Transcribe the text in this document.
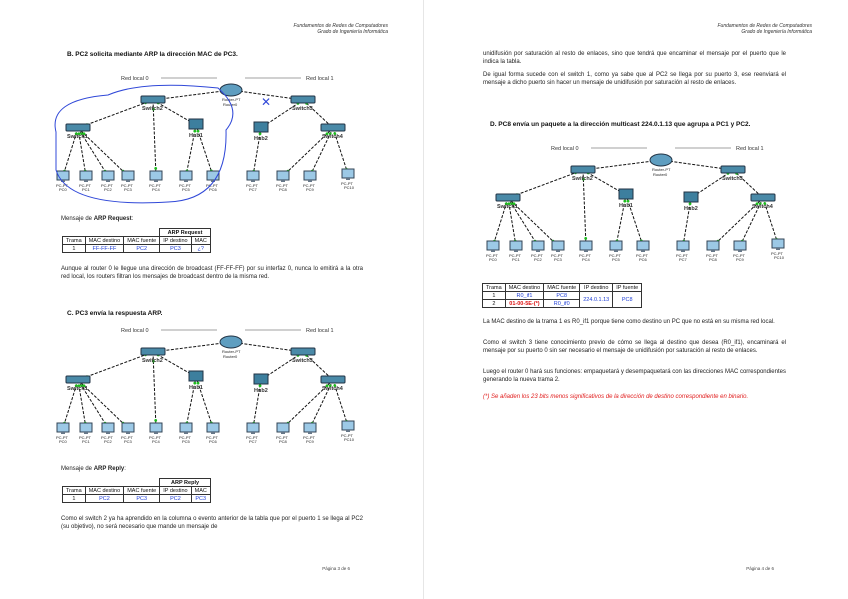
Fundamentos de Redes de Computadores
Grado de Ingeniería Informática
B. PC2 solicita mediante ARP la dirección MAC de PC3.
Switch1
Switch2	Switch3
Switch4
Hub1	Hub2
Router-PT
Router0
Red local 0	Red local 1
PC-PT
PC0
PC-PT
PC1
PC-PT
PC2
PC-PT
PC3
PC-PT
PC4
PC-PT
PC5
PC-PT
PC6
PC-PT
PC7
PC-PT
PC8
PC-PT
PC9
PC-PT
PC10
✕
Mensaje de ARP Request:
			ARP Request	
Trama	MAC destino	MAC fuente	IP destino	MAC
1	FF-FF-FF	PC2	PC3	¿?
Aunque al router 0 le llegue una dirección de broadcast (FF-FF-FF) por su interfaz 0, nunca lo emitirá a la otra red local, los routers filtran los mensajes de broadcast dentro de la misma red.
C. PC3 envía la respuesta ARP.
Switch1
Switch2	Switch3
Switch4
Hub1	Hub2
Router-PT
Router0
Red local 0	Red local 1
PC-PT
PC0
PC-PT
PC1
PC-PT
PC2
PC-PT
PC3
PC-PT
PC4
PC-PT
PC5
PC-PT
PC6
PC-PT
PC7
PC-PT
PC8
PC-PT
PC9
PC-PT
PC10
Mensaje de ARP Reply:
			ARP Reply	
Trama	MAC destino	MAC fuente	IP destino	MAC
1	PC2	PC3	PC2	PC3
Como el switch 2 ya ha aprendido en la columna o evento anterior de la tabla que por el puerto 1 se llega al PC2 (su objetivo), no será necesario que mande un mensaje de
Página 3 de 6
Fundamentos de Redes de Computadores
Grado de Ingeniería Informática
unidifusión por saturación al resto de enlaces, sino que tendrá que encaminar el mensaje por el puerto que le indica la tabla.
De igual forma sucede con el switch 1, como ya sabe que al PC2 se llega por su puerto 3, ese reenviará el mensaje a dicho puerto sin hacer un mensaje de unidifusión por saturación al resto de enlaces.
D. PC8 envía un paquete a la dirección multicast 224.0.1.13 que agrupa a PC1 y PC2.
Switch1
Switch2	Switch3
Switch4
Hub1	Hub2
Router-PT
Router0
Red local 0	Red local 1
PC-PT
PC0
PC-PT
PC1
PC-PT
PC2
PC-PT
PC3
PC-PT
PC4
PC-PT
PC5
PC-PT
PC6
PC-PT
PC7
PC-PT
PC8
PC-PT
PC9
PC-PT
PC10
Trama	MAC destino	MAC fuente	IP destino	IP fuente
1	R0_if1	PC8	224.0.1.13	PC8
2	01-00-5E-(*)	R0_if0		
La MAC destino de la trama 1 es R0_if1 porque tiene como destino un PC que no está en su misma red local.
Como el switch 3 tiene conocimiento previo de cómo se llega al destino que desea (R0_if1), encaminará el mensaje por su puerto 0 sin ser necesario el mensaje de unidifusión por saturación al resto de enlaces.
Luego el router 0 hará sus funciones: empaquetará y desempaquetará con las direcciones MAC correspondientes generando la nueva trama 2.
(*) Se añaden los 23 bits menos significativos de la dirección de destino correspondiente en binario.
Página 4 de 6
